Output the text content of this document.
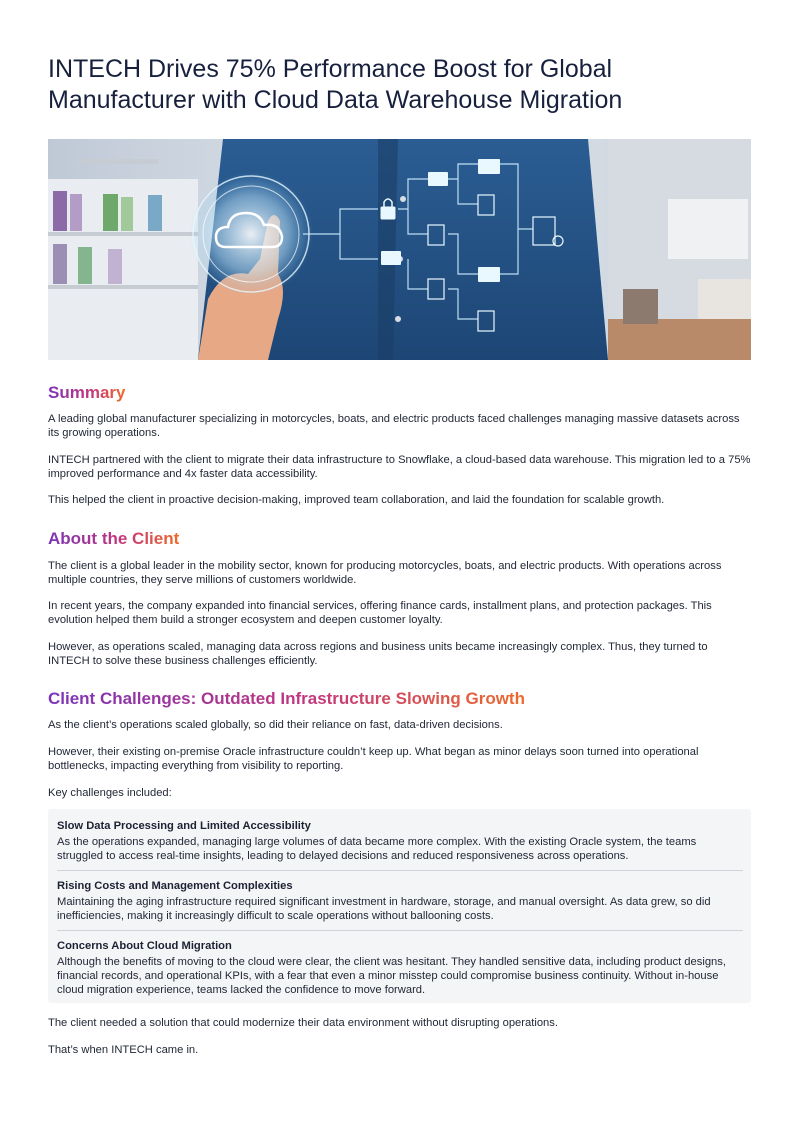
INTECH Drives 75% Performance Boost for Global Manufacturer with Cloud Data Warehouse Migration
Summary

A leading global manufacturer specializing in motorcycles, boats, and electric products faced challenges managing massive datasets across its growing operations.

INTECH partnered with the client to migrate their data infrastructure to Snowflake, a cloud-based data warehouse. This migration led to a 75% improved performance and 4x faster data accessibility.

This helped the client in proactive decision-making, improved team collaboration, and laid the foundation for scalable growth.

About the Client

The client is a global leader in the mobility sector, known for producing motorcycles, boats, and electric products. With operations across multiple countries, they serve millions of customers worldwide.

In recent years, the company expanded into financial services, offering finance cards, installment plans, and protection packages. This evolution helped them build a stronger ecosystem and deepen customer loyalty.

However, as operations scaled, managing data across regions and business units became increasingly complex. Thus, they turned to INTECH to solve these business challenges efficiently.

Client Challenges: Outdated Infrastructure Slowing Growth

As the client’s operations scaled globally, so did their reliance on fast, data-driven decisions.

However, their existing on-premise Oracle infrastructure couldn’t keep up. What began as minor delays soon turned into operational bottlenecks, impacting everything from visibility to reporting.

Key challenges included:

Slow Data Processing and Limited Accessibility

As the operations expanded, managing large volumes of data became more complex. With the existing Oracle system, the teams struggled to access real-time insights, leading to delayed decisions and reduced responsiveness across operations.

Rising Costs and Management Complexities

Maintaining the aging infrastructure required significant investment in hardware, storage, and manual oversight. As data grew, so did inefficiencies, making it increasingly difficult to scale operations without ballooning costs.

Concerns About Cloud Migration

Although the benefits of moving to the cloud were clear, the client was hesitant. They handled sensitive data, including product designs, financial records, and operational KPIs, with a fear that even a minor misstep could compromise business continuity. Without in-house cloud migration experience, teams lacked the confidence to move forward.

The client needed a solution that could modernize their data environment without disrupting operations.

That’s when INTECH came in.
